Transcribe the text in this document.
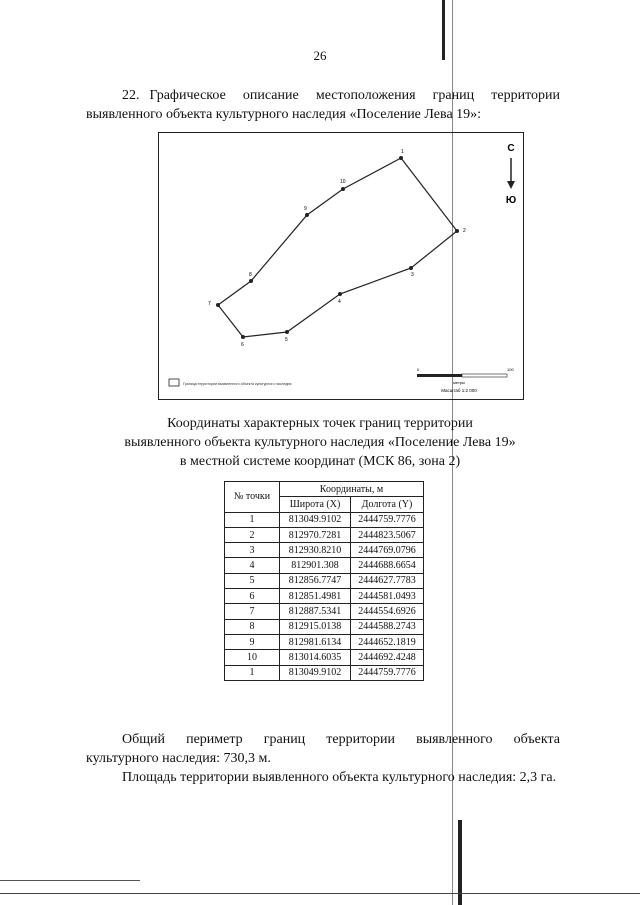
26
22. Графическое описание местоположения границ территории выявленного объекта культурного наследия «Поселение Лева 19»:
1
2
3
4
5
6
7
8
9
10
С
Ю
Граница территории выявленного объекта культурного наследия
0	100
метры
Масштаб 1:2 000
Координаты характерных точек границ территории
выявленного объекта культурного наследия «Поселение Лева 19»
в местной системе координат (МСК 86, зона 2)
№ точки	Координаты, м	
	Широта (X)	Долгота (Y)
1	813049.9102	2444759.7776
2	812970.7281	2444823.5067
3	812930.8210	2444769.0796
4	812901.308	2444688.6654
5	812856.7747	2444627.7783
6	812851.4981	2444581.0493
7	812887.5341	2444554.6926
8	812915.0138	2444588.2743
9	812981.6134	2444652.1819
10	813014.6035	2444692.4248
1	813049.9102	2444759.7776
Общий периметр границ территории выявленного объекта
культурного наследия: 730,3 м.
Площадь территории выявленного объекта культурного наследия: 2,3 га.
